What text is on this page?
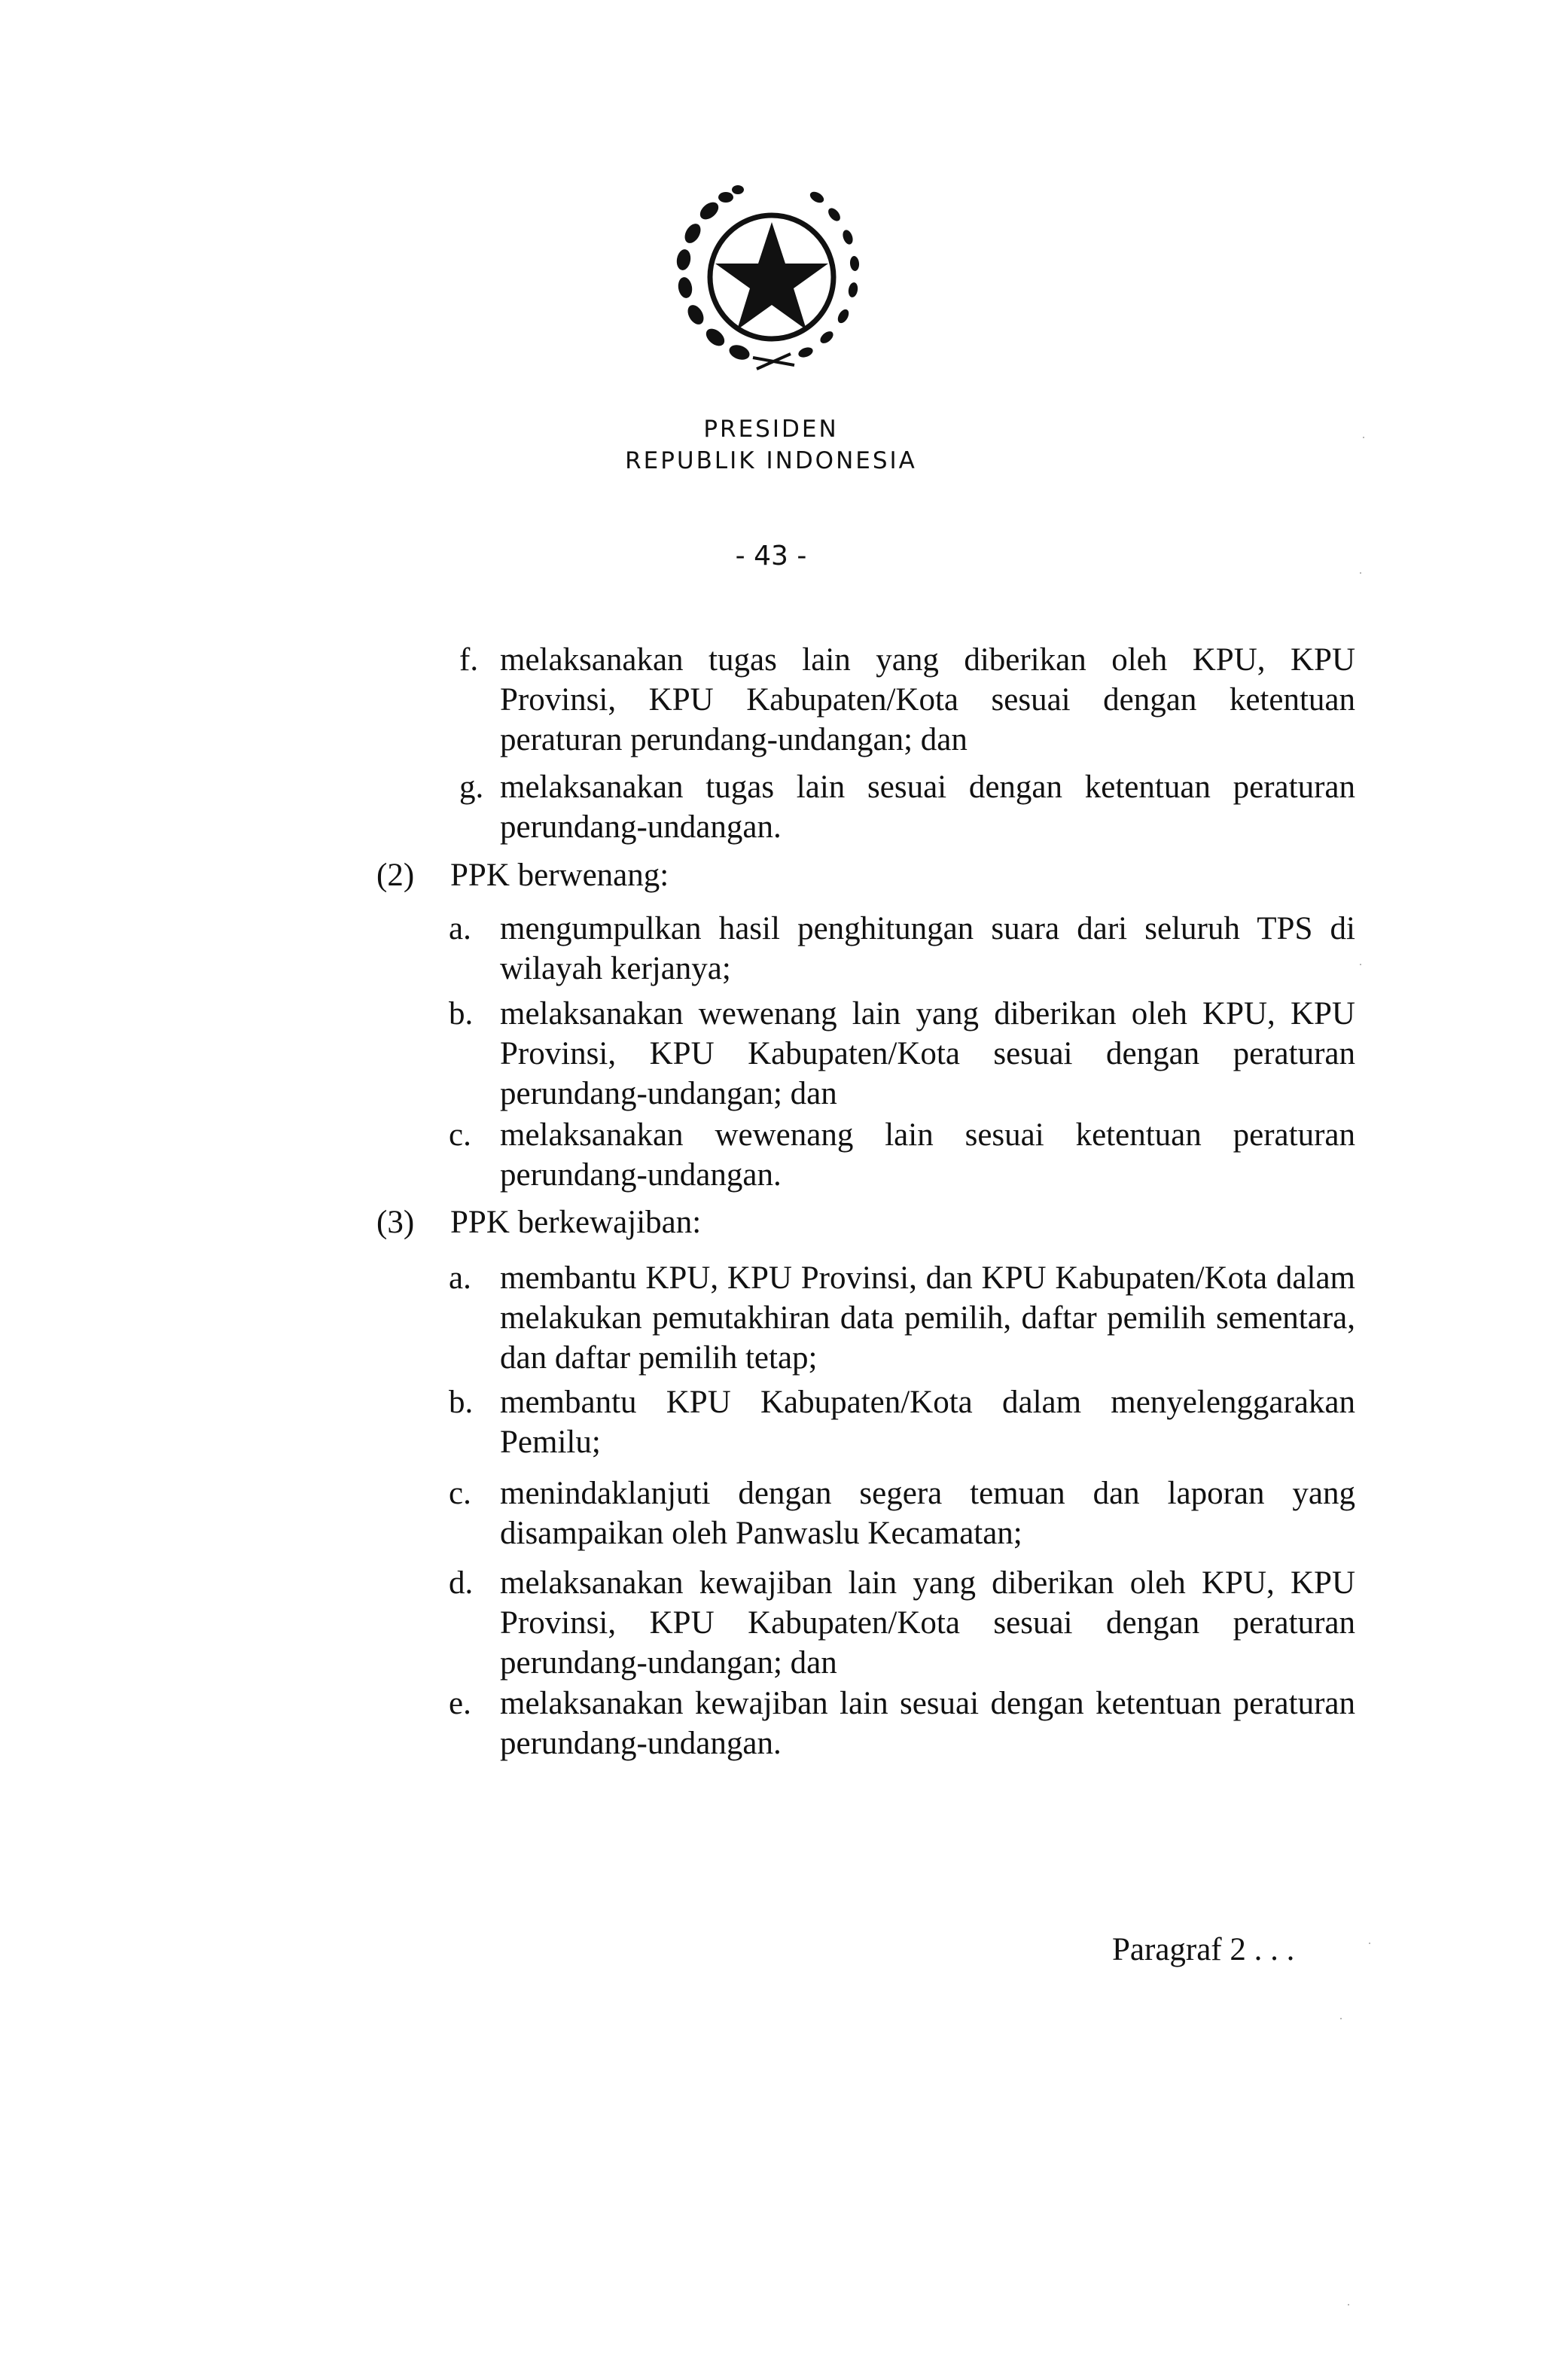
PRESIDEN
REPUBLIK INDONESIA
- 43 -
f. melaksanakan tugas lain yang diberikan oleh KPU, KPU Provinsi, KPU Kabupaten/Kota sesuai dengan ketentuan peraturan perundang-undangan; dan
g. melaksanakan tugas lain sesuai dengan ketentuan peraturan perundang-undangan.
(2) PPK berwenang:
a. mengumpulkan hasil penghitungan suara dari seluruh TPS di wilayah kerjanya;
b. melaksanakan wewenang lain yang diberikan oleh KPU, KPU Provinsi, KPU Kabupaten/Kota sesuai dengan peraturan perundang-undangan; dan
c. melaksanakan wewenang lain sesuai ketentuan peraturan perundang-undangan.
(3) PPK berkewajiban:
a. membantu KPU, KPU Provinsi, dan KPU Kabupaten/Kota dalam melakukan pemutakhiran data pemilih, daftar pemilih sementara, dan daftar pemilih tetap;
b. membantu KPU Kabupaten/Kota dalam menyelenggarakan Pemilu;
c. menindaklanjuti dengan segera temuan dan laporan yang disampaikan oleh Panwaslu Kecamatan;
d. melaksanakan kewajiban lain yang diberikan oleh KPU, KPU Provinsi, KPU Kabupaten/Kota sesuai dengan peraturan perundang-undangan; dan
e. melaksanakan kewajiban lain sesuai dengan ketentuan peraturan perundang-undangan.
Paragraf 2 . . .
